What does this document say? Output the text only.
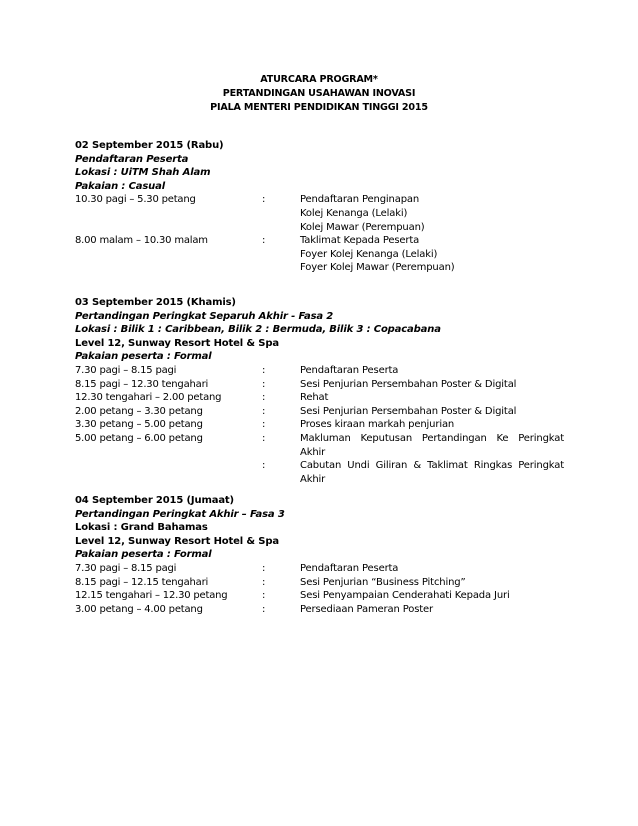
ATURCARA PROGRAM*
PERTANDINGAN USAHAWAN INOVASI
PIALA MENTERI PENDIDIKAN TINGGI 2015
02 September 2015 (Rabu)
Pendaftaran Peserta
Lokasi : UiTM Shah Alam
Pakaian : Casual
10.30 pagi – 5.30 petang	:	Pendaftaran Penginapan
Kolej Kenanga (Lelaki)
Kolej Mawar (Perempuan)
8.00 malam – 10.30 malam	:	Taklimat Kepada Peserta
Foyer Kolej Kenanga (Lelaki)
Foyer Kolej Mawar (Perempuan)
03 September 2015 (Khamis)
Pertandingan Peringkat Separuh Akhir - Fasa 2
Lokasi : Bilik 1 : Caribbean, Bilik 2 : Bermuda, Bilik 3 : Copacabana
Level 12, Sunway Resort Hotel & Spa
Pakaian peserta : Formal
7.30 pagi – 8.15 pagi	:	Pendaftaran Peserta
8.15 pagi – 12.30 tengahari	:	Sesi Penjurian Persembahan Poster & Digital
12.30 tengahari – 2.00 petang	:	Rehat
2.00 petang – 3.30 petang	:	Sesi Penjurian Persembahan Poster & Digital
3.30 petang – 5.00 petang	:	Proses kiraan markah penjurian
5.00 petang – 6.00 petang	:	Makluman Keputusan Pertandingan Ke Peringkat Akhir
:	Cabutan Undi Giliran & Taklimat Ringkas Peringkat Akhir
04 September 2015 (Jumaat)
Pertandingan Peringkat Akhir – Fasa 3
Lokasi : Grand Bahamas
Level 12, Sunway Resort Hotel & Spa
Pakaian peserta : Formal
7.30 pagi – 8.15 pagi	:	Pendaftaran Peserta
8.15 pagi – 12.15 tengahari	:	Sesi Penjurian “Business Pitching”
12.15 tengahari – 12.30 petang	:	Sesi Penyampaian Cenderahati Kepada Juri
3.00 petang – 4.00 petang	:	Persediaan Pameran Poster
